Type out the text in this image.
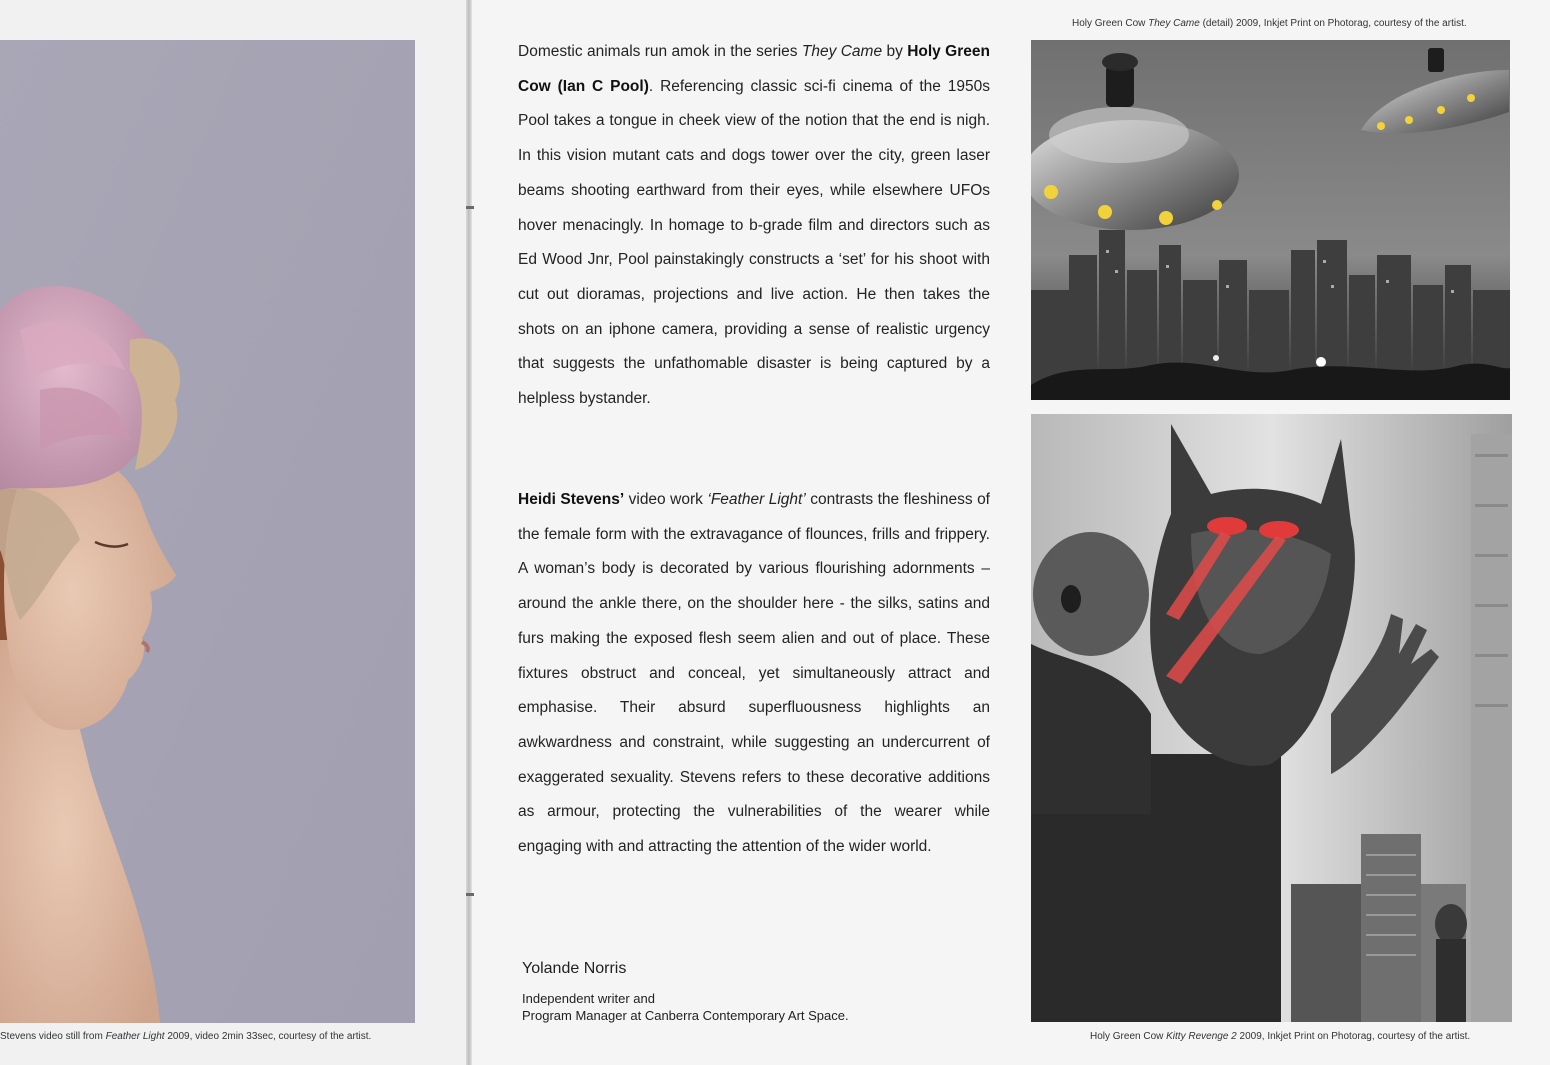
Stevens video still from Feather Light 2009, video 2min 33sec, courtesy of the artist.
Holy Green Cow They Came (detail) 2009, Inkjet Print on Photorag, courtesy of the artist.
Domestic animals run amok in the series They Came by Holy Green Cow (Ian C Pool). Referencing classic sci-fi cinema of the 1950s Pool takes a tongue in cheek view of the notion that the end is nigh. In this vision mutant cats and dogs tower over the city, green laser beams shooting earthward from their eyes, while elsewhere UFOs hover menacingly. In homage to b-grade film and directors such as Ed Wood Jnr, Pool painstakingly constructs a ‘set’ for his shoot with cut out dioramas, projections and live action. He then takes the shots on an iphone camera, providing a sense of realistic urgency that suggests the unfathomable disaster is being captured by a helpless bystander.
Heidi Stevens’ video work ‘Feather Light’ contrasts the fleshiness of the female form with the extravagance of flounces, frills and frippery. A woman’s body is decorated by various flourishing adornments – around the ankle there, on the shoulder here - the silks, satins and furs making the exposed flesh seem alien and out of place. These fixtures obstruct and conceal, yet simultaneously attract and emphasise. Their absurd superfluousness highlights an awkwardness and constraint, while suggesting an undercurrent of exaggerated sexuality. Stevens refers to these decorative additions as armour, protecting the vulnerabilities of the wearer while engaging with and attracting the attention of the wider world.
Yolande Norris
Independent writer and
Program Manager at Canberra Contemporary Art Space.
Holy Green Cow Kitty Revenge 2 2009, Inkjet Print on Photorag, courtesy of the artist.
